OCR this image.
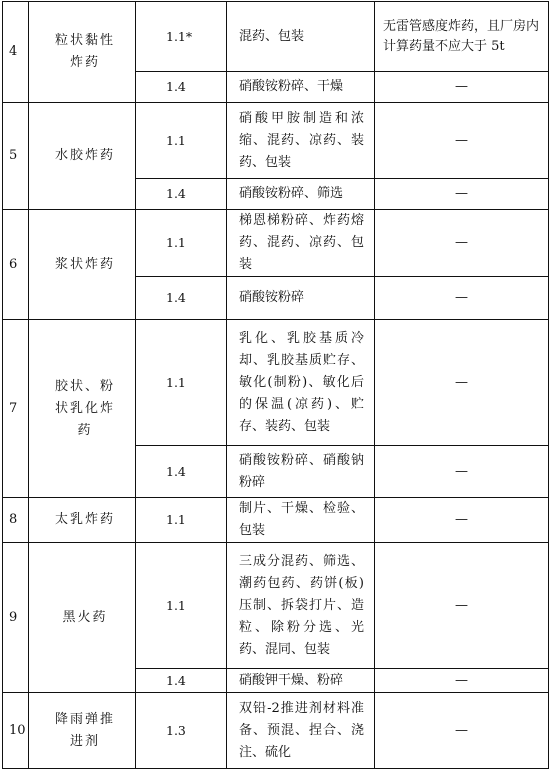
4	粒状黏性炸药	1.1*	混药、包装	无雷管感度炸药，且厂房内计算药量不应大于 5t
		1.4	硝酸铵粉碎、干燥	—
5	水胶炸药	1.1	硝酸甲胺制造和浓缩、混药、凉药、装药、包装	—
		1.4	硝酸铵粉碎、筛选	—
6	浆状炸药	1.1	梯恩梯粉碎、炸药熔药、混药、凉药、包装	—
		1.4	硝酸铵粉碎	—
7	胶状、粉状乳化炸药	1.1	乳化、乳胶基质冷却、乳胶基质贮存、敏化(制粉)、敏化后的保温(凉药)、贮存、装药、包装	—
		1.4	硝酸铵粉碎、硝酸钠粉碎	—
8	太乳炸药	1.1	制片、干燥、检验、包装	—
9	黑火药	1.1	三成分混药、筛选、潮药包药、药饼(板)压制、拆袋打片、造粒、除粉分选、光药、混同、包装	—
		1.4	硝酸钾干燥、粉碎	—
10	降雨弹推进剂	1.3	双铅-2推进剂材料准备、预混、捏合、浇注、硫化	—
